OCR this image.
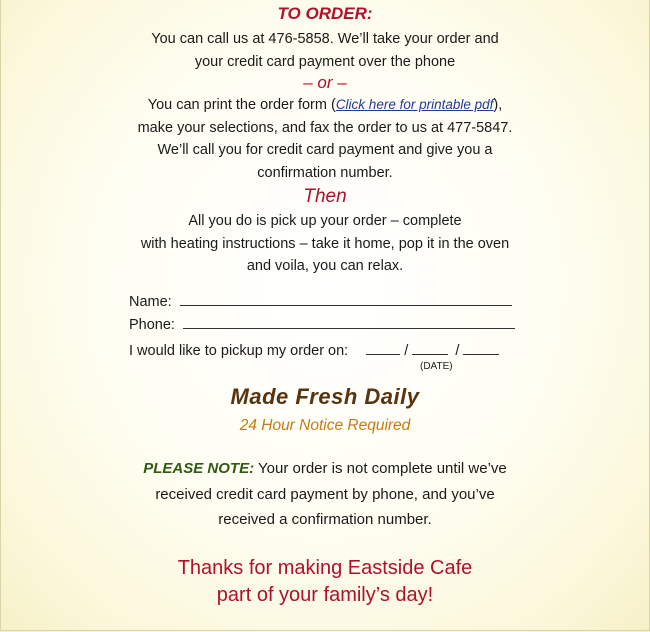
TO ORDER:
You can call us at 476-5858. We’ll take your order and
your credit card payment over the phone
– or –
You can print the order form (Click here for printable pdf),
make your selections, and fax the order to us at 477-5847.
We’ll call you for credit card payment and give you a
confirmation number.
Then
All you do is pick up your order – complete
with heating instructions – take it home, pop it in the oven
and voila, you can relax.
Name:
Phone:
I would like to pickup my order on:	/	/
(DATE)
Made Fresh Daily
24 Hour Notice Required
PLEASE NOTE: Your order is not complete until we’ve
received credit card payment by phone, and you’ve
received a confirmation number.
Thanks for making Eastside Cafe
part of your family’s day!
